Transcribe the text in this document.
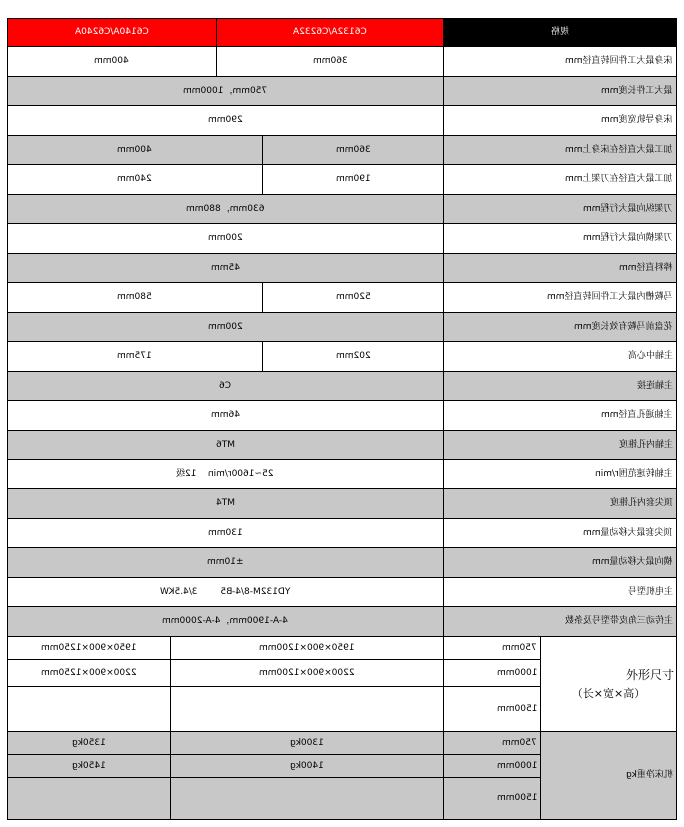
C6140A/C6240A	C6132A/C6232A	规格
400mm	360mm	床身最大工件回转直径mm
750mm，1000mm	最大工件长度mm
290mm	床身导轨宽度mm
400mm	360mm	加工最大直径在床身上mm
240mm	190mm	加工最大直径在刀架上mm
630mm，880mm	刀架纵向最大行程mm
200mm	刀架横向最大行程mm
45mm	棒料直径mm
580mm	520mm	马鞍槽内最大工件回转直径mm
200mm	花盘前马鞍有效长度mm
175mm	202mm	主轴中心高
C6	主轴连接
46mm	主轴通孔直径mm
MT6	主轴内孔锥度
25~1600r/min    12级	主轴转速范围r/min
MT4	顶尖套内孔锥度
130mm	顶尖套最大移动量mm
±10mm	横向最大移动量mm
YD132M-8/4-B5        3/4.5KW	主电机型号
4-A-1900mm，4-A-2000mm	主传动三角皮带型号及条数
1950×900×1250mm	1950×900×1200mm	750mm
2200×900×1250mm	2200×900×1200mm	1000mm
1500mm
外形尺寸
（长×宽×高）
1350kg	1300kg	750mm
1450kg	1400kg	1000mm
1500mm
机床净重kg
